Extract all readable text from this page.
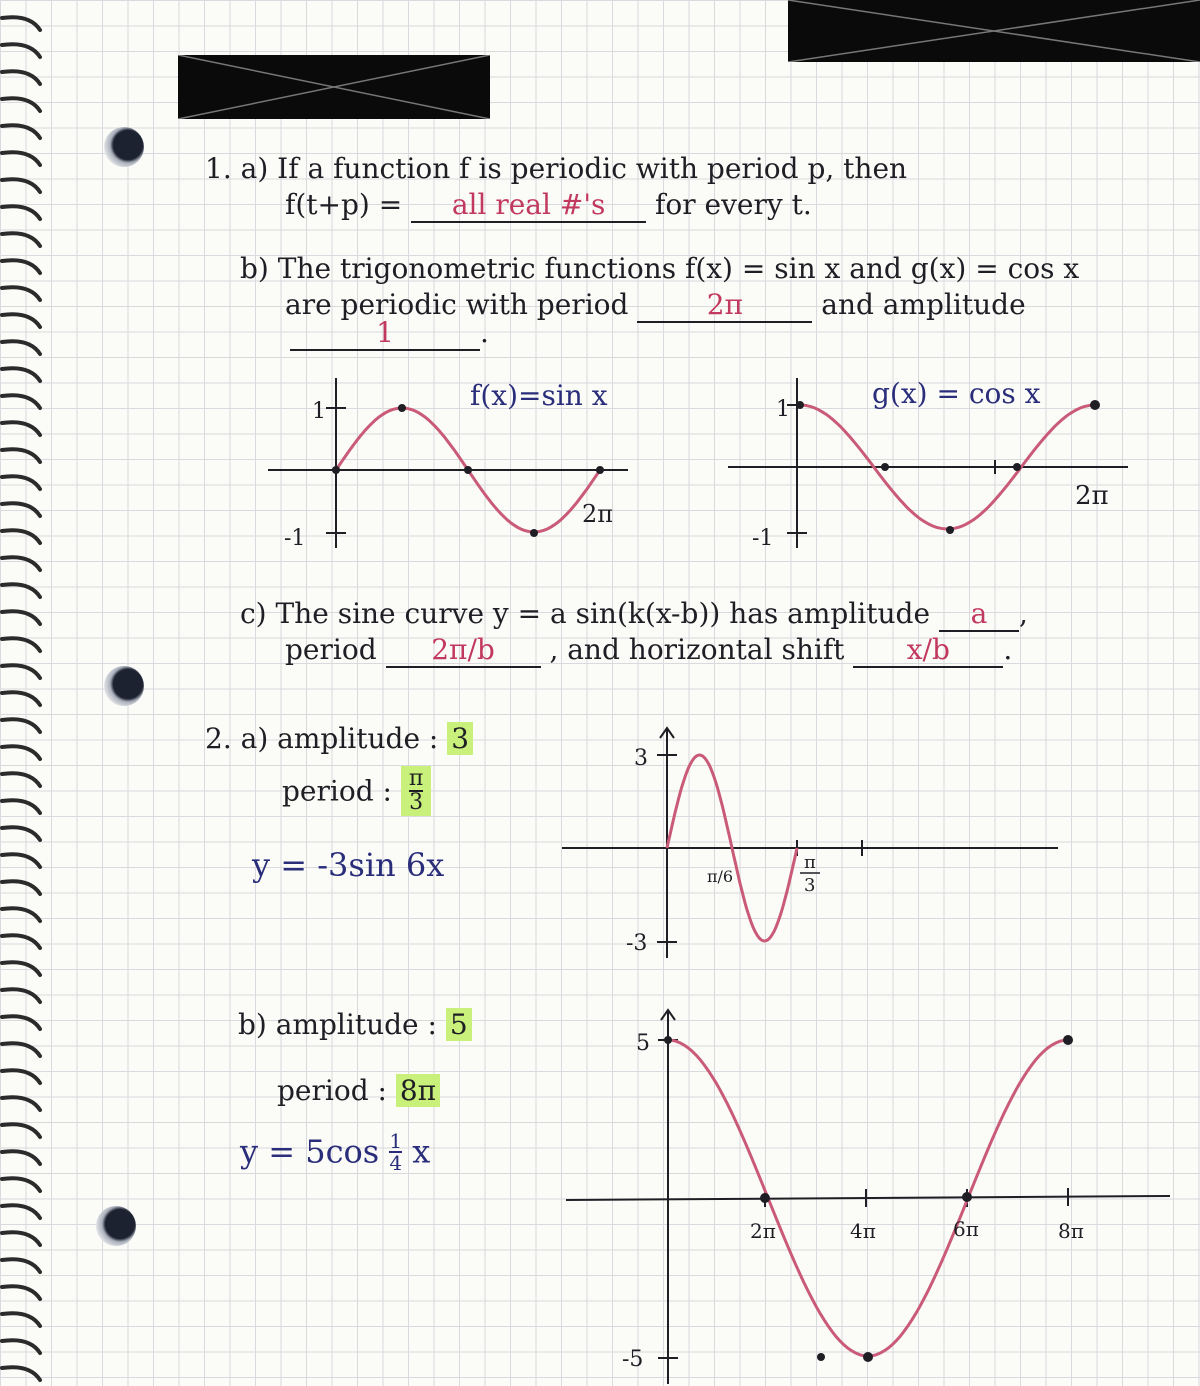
1. a) If a function f is periodic with period p, then
f(t+p) = all real #'s for every t.
b) The trigonometric functions f(x) = sin x and g(x) = cos x
are periodic with period	2π	and amplitude
1	.
1
-1
2π
f(x)=sin x	1
-1
2π
g(x) = cos x
c) The sine curve y = a sin(k(x-b)) has amplitude a ,
period 2π/b , and horizontal shift x/b .
2. a) amplitude : 3
period : $\frac{\pi}{3}$
y = -3sin 6x
3
-3
π/6
π
3
b) amplitude : 5
period : 8π
$y = 5\cos \frac{1}{4}$ x
5
-5
2π	4π	6π	8π
